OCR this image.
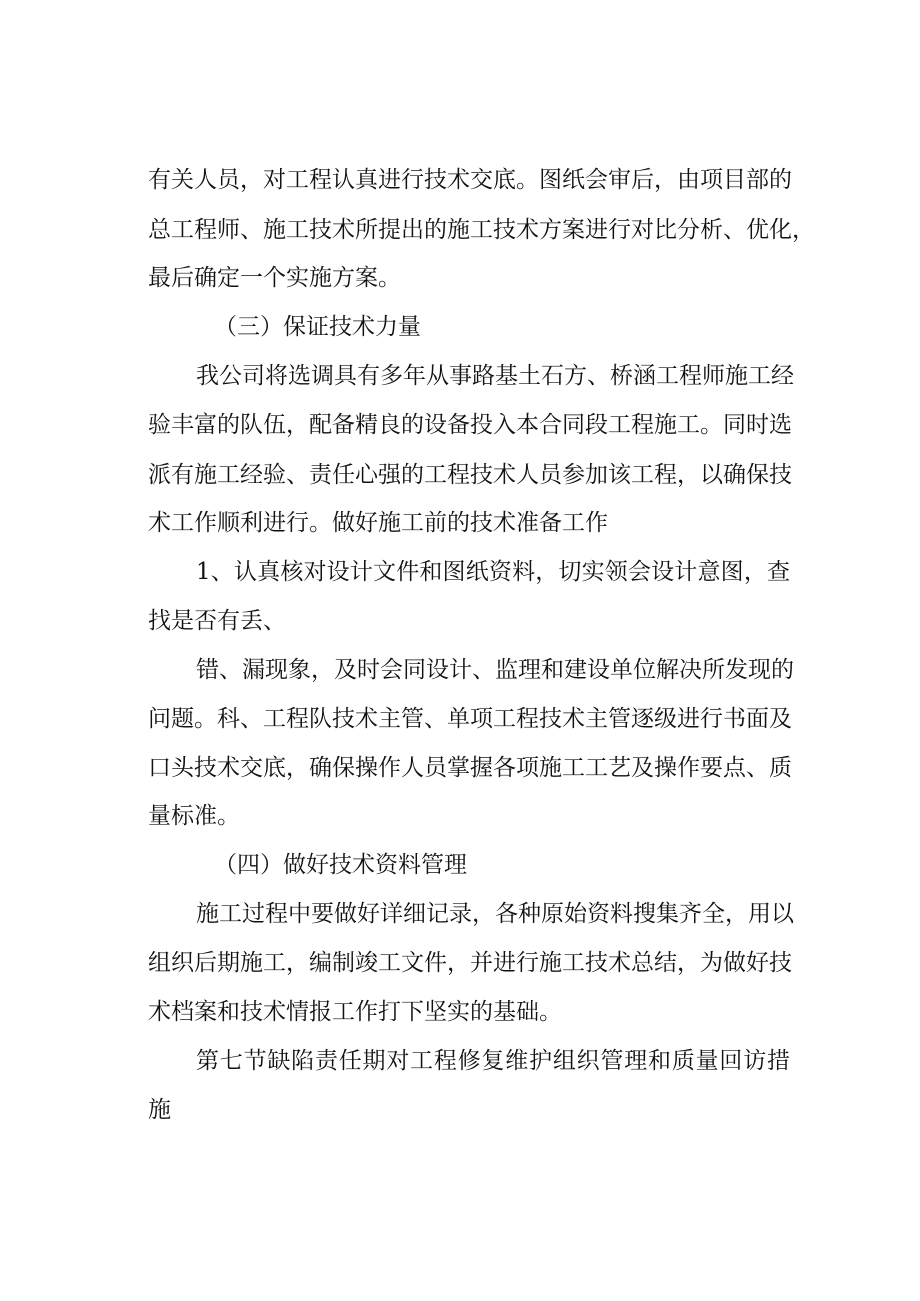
有关人员，对工程认真进行技术交底。图纸会审后，由项目部的
总工程师、施工技术所提出的施工技术方案进行对比分析、优化，
最后确定一个实施方案。
（三）保证技术力量
我公司将选调具有多年从事路基土石方、桥涵工程师施工经
验丰富的队伍，配备精良的设备投入本合同段工程施工。同时选
派有施工经验、责任心强的工程技术人员参加该工程，以确保技
术工作顺利进行。做好施工前的技术准备工作
1、认真核对设计文件和图纸资料，切实领会设计意图，查
找是否有丢、
错、漏现象，及时会同设计、监理和建设单位解决所发现的
问题。科、工程队技术主管、单项工程技术主管逐级进行书面及
口头技术交底，确保操作人员掌握各项施工工艺及操作要点、质
量标准。
（四）做好技术资料管理
施工过程中要做好详细记录，各种原始资料搜集齐全，用以
组织后期施工，编制竣工文件，并进行施工技术总结，为做好技
术档案和技术情报工作打下坚实的基础。
第七节缺陷责任期对工程修复维护组织管理和质量回访措
施
